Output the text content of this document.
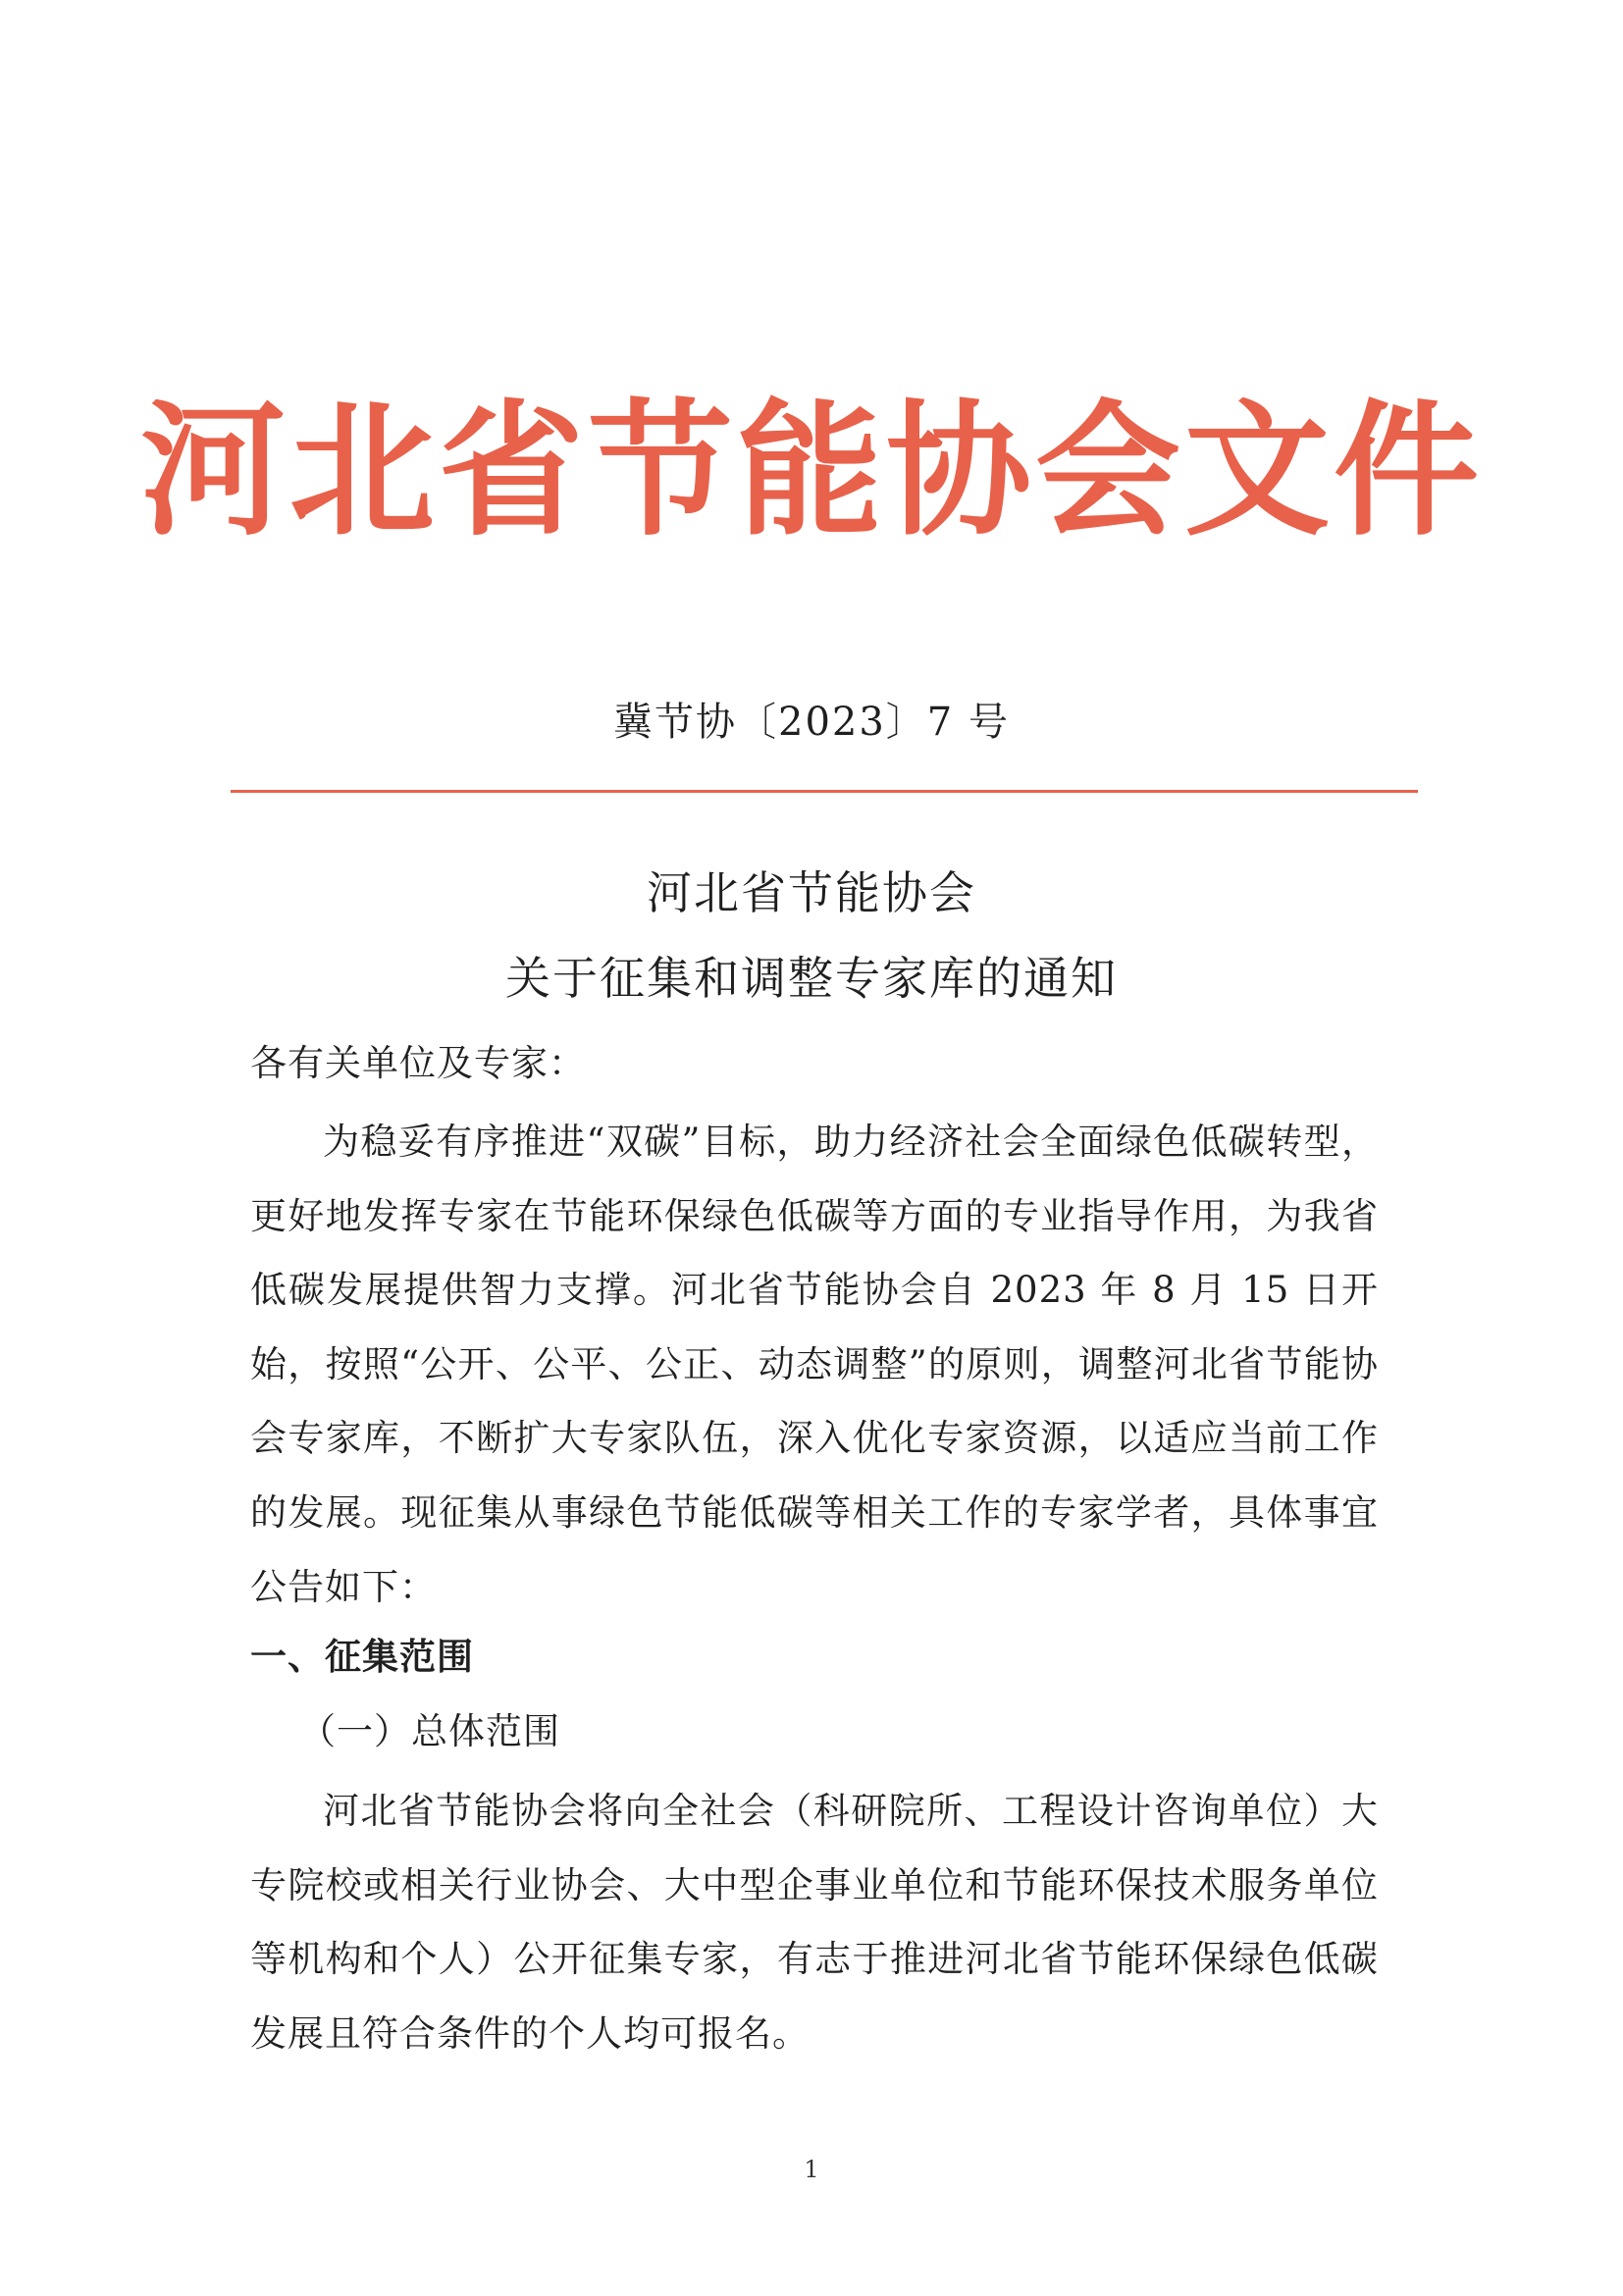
河北省节能协会文件
冀节协〔2023〕7 号
河北省节能协会
关于征集和调整专家库的通知
各有关单位及专家：
为稳妥有序推进“双碳”目标，助力经济社会全面绿色低碳转型，更好地发挥专家在节能环保绿色低碳等方面的专业指导作用，为我省低碳发展提供智力支撑。河北省节能协会自 2023 年 8 月 15 日开始，按照“公开、公平、公正、动态调整”的原则，调整河北省节能协会专家库，不断扩大专家队伍，深入优化专家资源，以适应当前工作的发展。现征集从事绿色节能低碳等相关工作的专家学者，具体事宜公告如下：
一、征集范围
（一）总体范围
河北省节能协会将向全社会（科研院所、工程设计咨询单位）大专院校或相关行业协会、大中型企事业单位和节能环保技术服务单位等机构和个人）公开征集专家，有志于推进河北省节能环保绿色低碳发展且符合条件的个人均可报名。
1
